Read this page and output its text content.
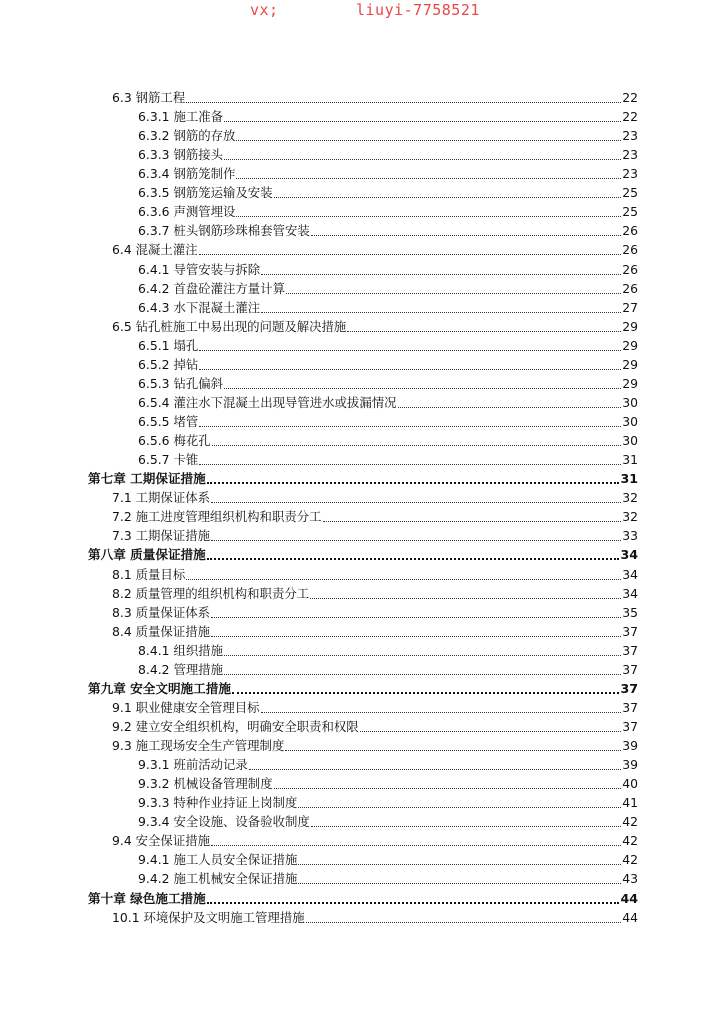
vx;	liuyi-7758521
6.3 钢筋工程	22
6.3.1 施工准备	22
6.3.2 钢筋的存放	23
6.3.3 钢筋接头	23
6.3.4 钢筋笼制作	23
6.3.5 钢筋笼运输及安装	25
6.3.6 声测管埋设	25
6.3.7 桩头钢筋珍珠棉套管安装	26
6.4 混凝土灌注	26
6.4.1 导管安装与拆除	26
6.4.2 首盘砼灌注方量计算	26
6.4.3 水下混凝土灌注	27
6.5 钻孔桩施工中易出现的问题及解决措施	29
6.5.1 塌孔	29
6.5.2 掉钻	29
6.5.3 钻孔偏斜	29
6.5.4 灌注水下混凝土出现导管进水或拔漏情况	30
6.5.5 堵管	30
6.5.6 梅花孔	30
6.5.7 卡锥	31
第七章 工期保证措施	31
7.1 工期保证体系	32
7.2 施工进度管理组织机构和职责分工	32
7.3 工期保证措施	33
第八章 质量保证措施	34
8.1 质量目标	34
8.2 质量管理的组织机构和职责分工	34
8.3 质量保证体系	35
8.4 质量保证措施	37
8.4.1 组织措施	37
8.4.2 管理措施	37
第九章 安全文明施工措施	37
9.1 职业健康安全管理目标	37
9.2 建立安全组织机构，明确安全职责和权限	37
9.3 施工现场安全生产管理制度	39
9.3.1 班前活动记录	39
9.3.2 机械设备管理制度	40
9.3.3 特种作业持证上岗制度	41
9.3.4 安全设施、设备验收制度	42
9.4 安全保证措施	42
9.4.1 施工人员安全保证措施	42
9.4.2 施工机械安全保证措施	43
第十章 绿色施工措施	44
10.1 环境保护及文明施工管理措施	44
